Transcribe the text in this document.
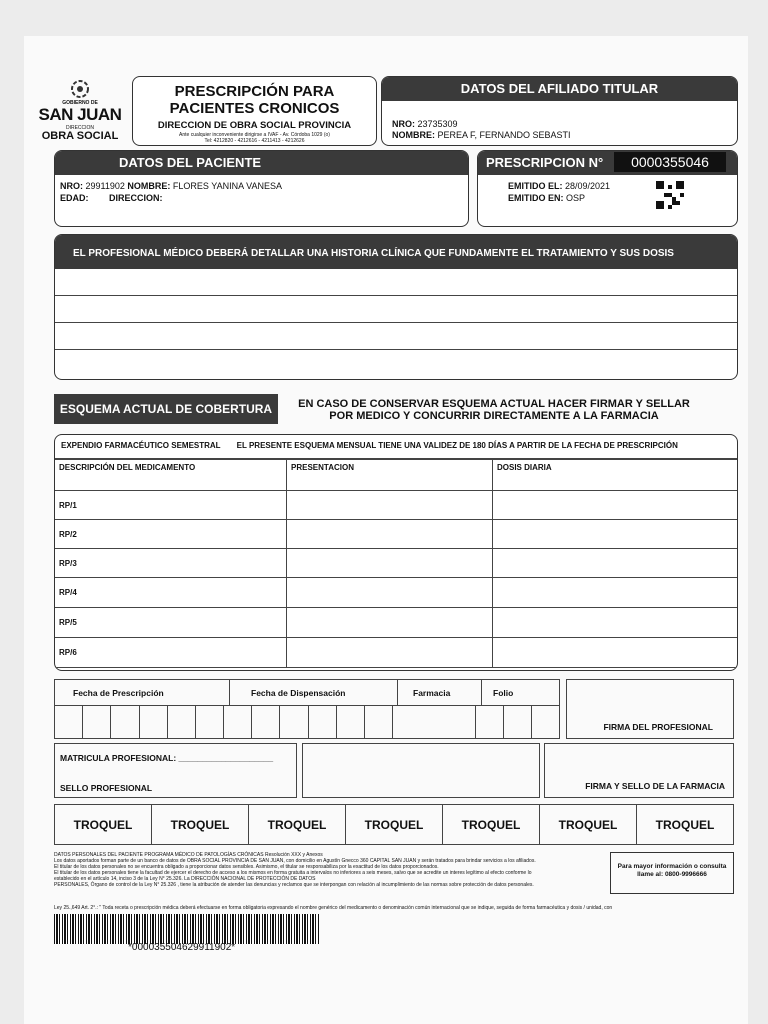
GOBIERNO DE
SAN JUAN
DIRECCION
OBRA SOCIAL
PRESCRIPCIÓN PARA
PACIENTES CRONICOS
DIRECCION DE OBRA SOCIAL PROVINCIA
Ante cualquier inconveniente dirigirse a IVAF - Av. Córdoba 1029 (o)
Tel: 4212820 - 4212616 - 4211413 - 4212626
DATOS DEL AFILIADO TITULAR
NRO: 23735309
NOMBRE: PEREA F, FERNANDO SEBASTI
DATOS DEL PACIENTE
NRO: 29911902 NOMBRE: FLORES YANINA VANESA
EDAD: DIRECCION:
PRESCRIPCION N°	0000355046
EMITIDO EL: 28/09/2021
EMITIDO EN: OSP
EL PROFESIONAL MÉDICO DEBERÁ DETALLAR UNA HISTORIA CLÍNICA QUE FUNDAMENTE EL TRATAMIENTO Y SUS DOSIS
ESQUEMA ACTUAL DE COBERTURA	EN CASO DE CONSERVAR ESQUEMA ACTUAL HACER FIRMAR Y SELLAR
POR MEDICO Y CONCURRIR DIRECTAMENTE A LA FARMACIA
EXPENDIO FARMACÉUTICO SEMESTRAL EL PRESENTE ESQUEMA MENSUAL TIENE UNA VALIDEZ DE 180 DÍAS A PARTIR DE LA FECHA DE PRESCRIPCIÓN
DESCRIPCIÓN DEL MEDICAMENTO	PRESENTACION	DOSIS DIARIA
RP/1		
RP/2		
RP/3		
RP/4		
RP/5		
RP/6		
Fecha de Prescripción	Fecha de Dispensación	Farmacia	Folio
FIRMA DEL PROFESIONAL
MATRICULA PROFESIONAL: ____________________
SELLO PROFESIONAL	FIRMA Y SELLO DE LA FARMACIA
TROQUEL	TROQUEL	TROQUEL	TROQUEL	TROQUEL	TROQUEL	TROQUEL
DATOS PERSONALES DEL PACIENTE PROGRAMA MÉDICO DE PATOLOGÍAS CRÓNICAS Resolución XXX y Anexos
Los datos aportados forman parte de un banco de datos de OBRA SOCIAL PROVINCIA DE SAN JUAN, con domicilio en Agustín Gnecco 360 CAPITAL SAN JUAN y serán tratados para brindar servicios a los afiliados.
El titular de los datos personales no se encuentra obligado a proporcionar datos sensibles. Asimismo, el titular se responsabiliza por la exactitud de los datos proporcionados.
El titular de los datos personales tiene la facultad de ejercer el derecho de acceso a los mismos en forma gratuita a intervalos no inferiores a seis meses, salvo que se acredite un interes legítimo al efecto conforme lo
establecido en el artículo 14, inciso 3 de la Ley N° 25.326. La DIRECCIÓN NACIONAL DE PROTECCIÓN DE DATOS
PERSONALES, Órgano de control de la Ley N° 25.326 , tiene la atribución de atender las denuncias y reclamos que se interpongan con relación al incumplimiento de las normas sobre protección de datos personales.
Para mayor información o consulta
llame al: 0800-9996666
Ley 25.,649 Art. 2°.: " Toda receta o prescripción médica deberá efectuarse en forma obligatoria expresando el nombre genérico del medicamento o denominación común internacional que se indique, seguida de forma farmacéutica y dosis / unidad, con
*000035504629911902*
